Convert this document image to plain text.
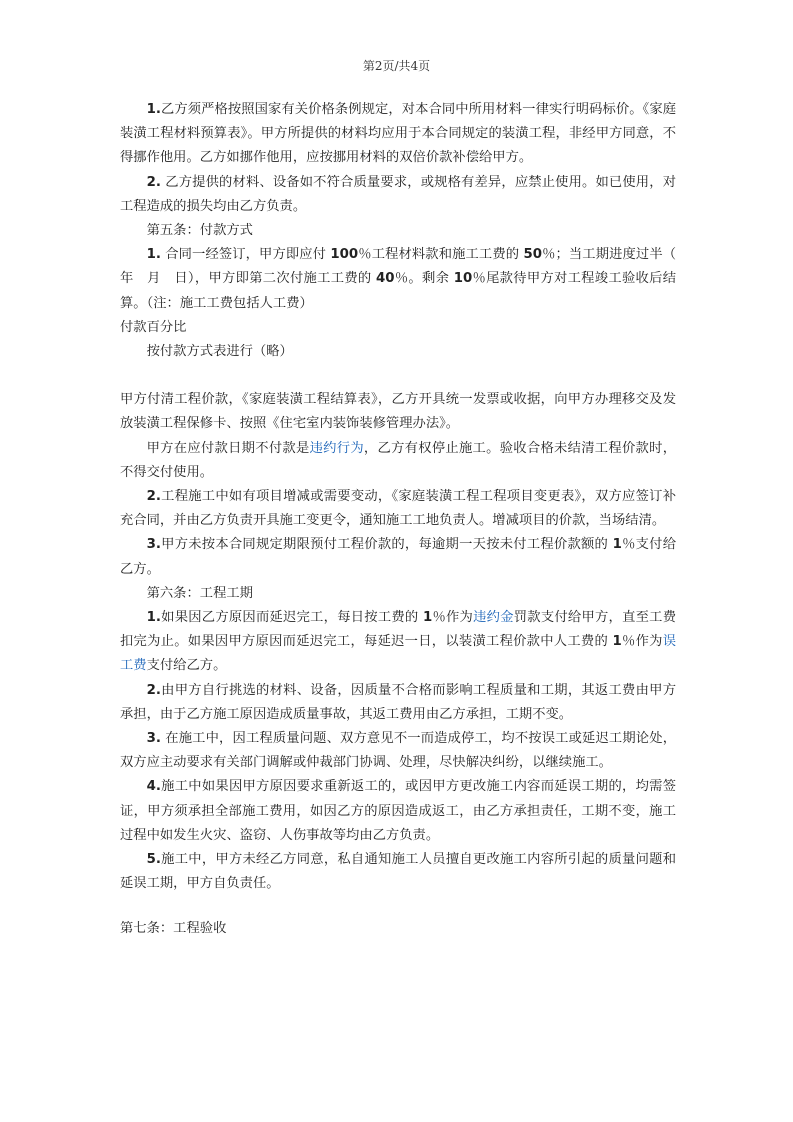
第2页/共4页

1.乙方须严格按照国家有关价格条例规定，对本合同中所用材料一律实行明码标价。《家庭装潢工程材料预算表》。甲方所提供的材料均应用于本合同规定的装潢工程，非经甲方同意，不得挪作他用。乙方如挪作他用，应按挪用材料的双倍价款补偿给甲方。

2. 乙方提供的材料、设备如不符合质量要求，或规格有差异，应禁止使用。如已使用，对工程造成的损失均由乙方负责。

第五条：付款方式

1. 合同一经签订，甲方即应付 100％工程材料款和施工工费的 50％；当工期进度过半（　年　月　日），甲方即第二次付施工工费的 40％。剩余 10％尾款待甲方对工程竣工验收后结算。（注：施工工费包括人工费）

付款百分比

按付款方式表进行（略）

甲方付清工程价款，《家庭装潢工程结算表》，乙方开具统一发票或收据，向甲方办理移交及发放装潢工程保修卡、按照《住宅室内装饰装修管理办法》。

甲方在应付款日期不付款是违约行为，乙方有权停止施工。验收合格未结清工程价款时，不得交付使用。

2.工程施工中如有项目增减或需要变动，《家庭装潢工程工程项目变更表》，双方应签订补充合同，并由乙方负责开具施工变更令，通知施工工地负责人。增减项目的价款，当场结清。

3.甲方未按本合同规定期限预付工程价款的，每逾期一天按未付工程价款额的 1％支付给乙方。

第六条：工程工期

1.如果因乙方原因而延迟完工，每日按工费的 1％作为违约金罚款支付给甲方，直至工费扣完为止。如果因甲方原因而延迟完工，每延迟一日，以装潢工程价款中人工费的 1％作为误工费支付给乙方。

2.由甲方自行挑选的材料、设备，因质量不合格而影响工程质量和工期，其返工费由甲方承担，由于乙方施工原因造成质量事故，其返工费用由乙方承担，工期不变。

3. 在施工中，因工程质量问题、双方意见不一而造成停工，均不按误工或延迟工期论处，双方应主动要求有关部门调解或仲裁部门协调、处理，尽快解决纠纷，以继续施工。

4.施工中如果因甲方原因要求重新返工的，或因甲方更改施工内容而延误工期的，均需签证，甲方须承担全部施工费用，如因乙方的原因造成返工，由乙方承担责任，工期不变，施工过程中如发生火灾、盗窃、人伤事故等均由乙方负责。

5.施工中，甲方未经乙方同意，私自通知施工人员擅自更改施工内容所引起的质量问题和延误工期，甲方自负责任。

第七条：工程验收
